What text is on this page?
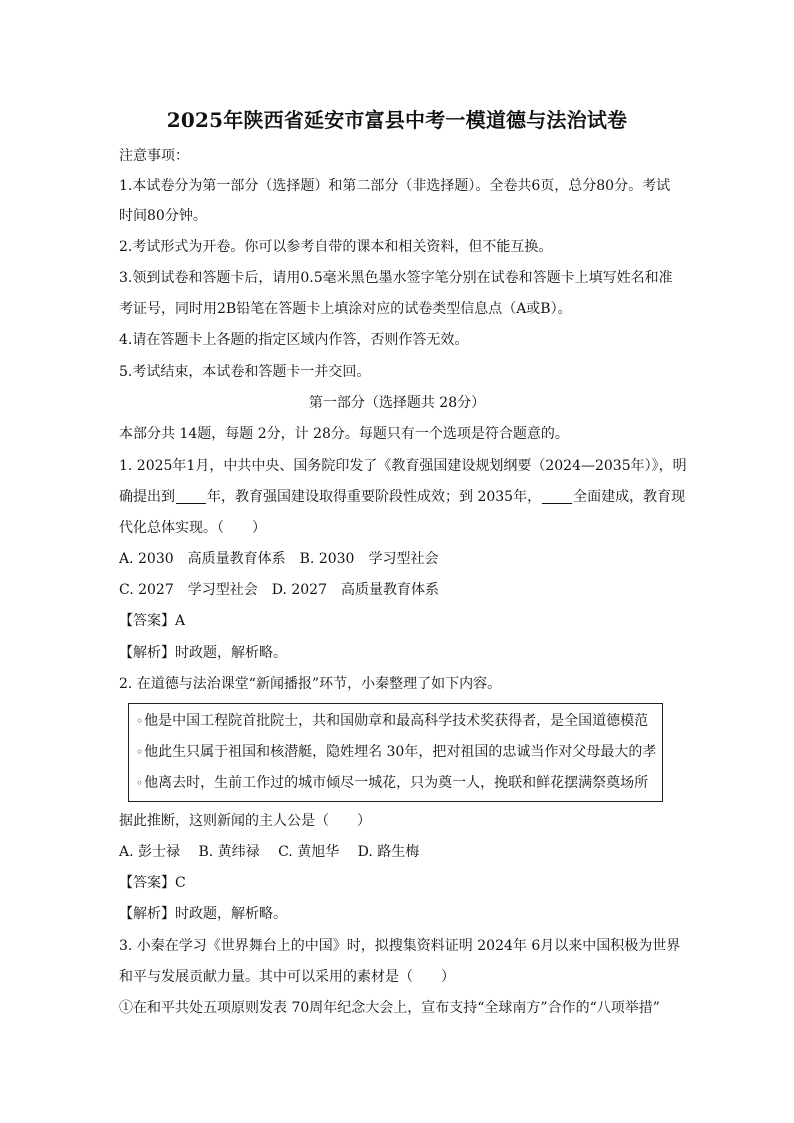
2025年陕西省延安市富县中考一模道德与法治试卷
注意事项：
1.本试卷分为第一部分（选择题）和第二部分（非选择题）。全卷共6页，总分80分。考试
时间80分钟。
2.考试形式为开卷。你可以参考自带的课本和相关资料，但不能互换。
3.领到试卷和答题卡后，请用0.5毫米黑色墨水签字笔分别在试卷和答题卡上填写姓名和准
考证号，同时用2B铅笔在答题卡上填涂对应的试卷类型信息点（A或B）。
4.请在答题卡上各题的指定区域内作答，否则作答无效。
5.考试结束，本试卷和答题卡一并交回。
第一部分（选择题共 28分）
本部分共 14题，每题 2分，计 28分。每题只有一个选项是符合题意的。
1. 2025年1月，中共中央、国务院印发了《教育强国建设规划纲要（2024—2035年）》，明
确提出到 年，教育强国建设取得重要阶段性成效；到 2035年， 全面建成，教育现
代化总体实现。（　　）
A. 2030　高质量教育体系　B. 2030　学习型社会
C. 2027　学习型社会　D. 2027　高质量教育体系
【答案】A
【解析】时政题，解析略。
2. 在道德与法治课堂“新闻播报”环节，小秦整理了如下内容。
◦他是中国工程院首批院士，共和国勋章和最高科学技术奖获得者，是全国道德模范
◦他此生只属于祖国和核潜艇，隐姓埋名 30年，把对祖国的忠诚当作对父母最大的孝
◦他离去时，生前工作过的城市倾尽一城花，只为奠一人，挽联和鲜花摆满祭奠场所
据此推断，这则新闻的主人公是（　　）
A. 彭士禄　 B. 黄纬禄　 C. 黄旭华　 D. 路生梅
【答案】C
【解析】时政题，解析略。
3. 小秦在学习《世界舞台上的中国》时，拟搜集资料证明 2024年 6月以来中国积极为世界
和平与发展贡献力量。其中可以采用的素材是（　　）
①在和平共处五项原则发表 70周年纪念大会上，宣布支持“全球南方”合作的“八项举措”
